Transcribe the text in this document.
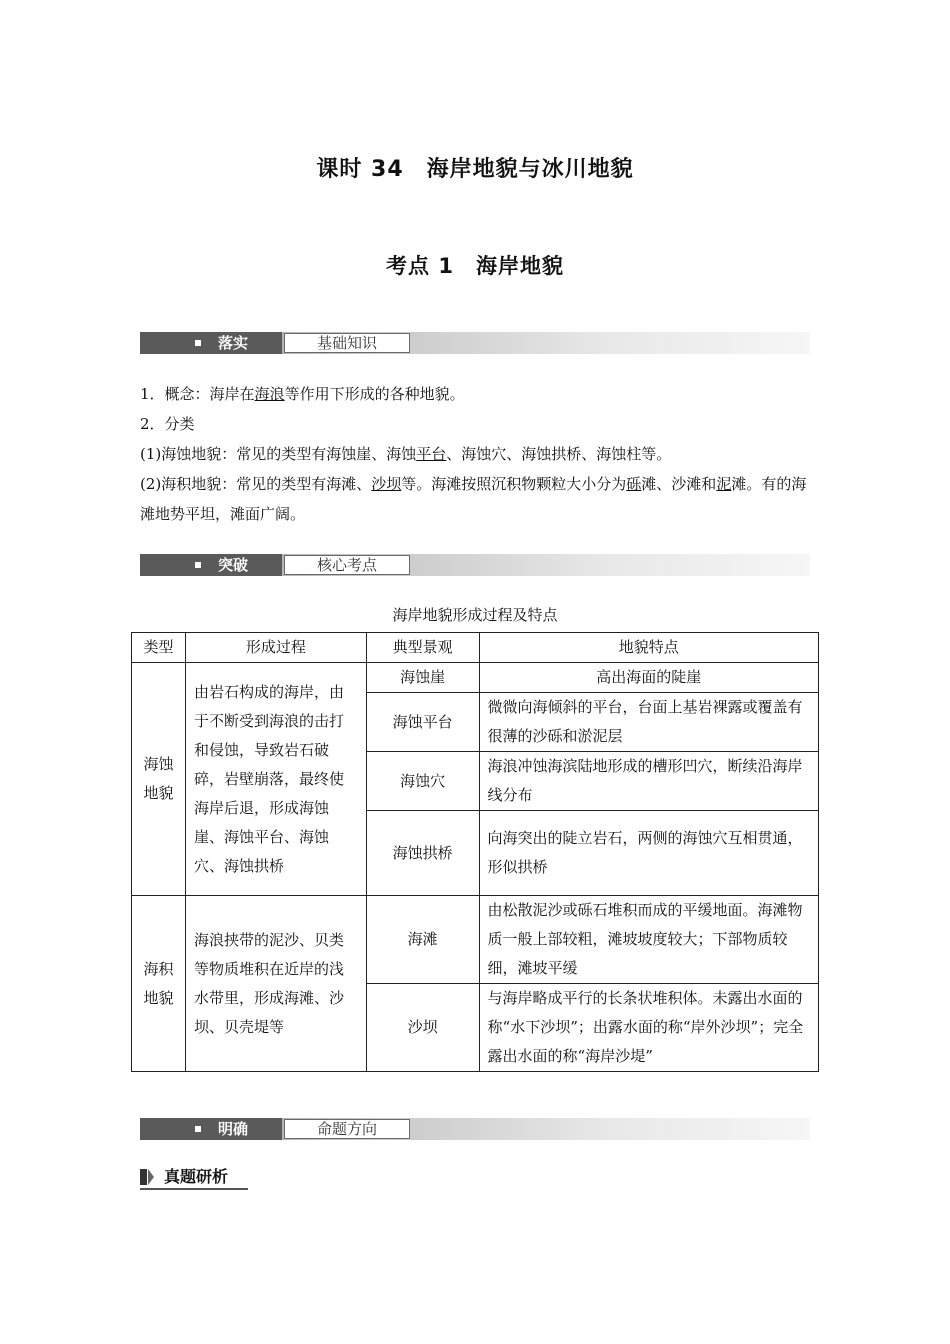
课时 34　海岸地貌与冰川地貌
考点 1　海岸地貌
落实	基础知识
1．概念：海岸在海浪等作用下形成的各种地貌。
2．分类
(1)海蚀地貌：常见的类型有海蚀崖、海蚀平台、海蚀穴、海蚀拱桥、海蚀柱等。
(2)海积地貌：常见的类型有海滩、沙坝等。海滩按照沉积物颗粒大小分为砾滩、沙滩和泥滩。有的海滩地势平坦，滩面广阔。
突破	核心考点
海岸地貌形成过程及特点
类型	形成过程	典型景观	地貌特点
海蚀地貌	由岩石构成的海岸，由于不断受到海浪的击打和侵蚀，导致岩石破碎，岩壁崩落，最终使海岸后退，形成海蚀崖、海蚀平台、海蚀穴、海蚀拱桥	海蚀崖	高出海面的陡崖
		海蚀平台	微微向海倾斜的平台，台面上基岩裸露或覆盖有很薄的沙砾和淤泥层
		海蚀穴	海浪冲蚀海滨陆地形成的槽形凹穴，断续沿海岸线分布
		海蚀拱桥	向海突出的陡立岩石，两侧的海蚀穴互相贯通，形似拱桥
海积地貌	海浪挟带的泥沙、贝类等物质堆积在近岸的浅水带里，形成海滩、沙坝、贝壳堤等	海滩	由松散泥沙或砾石堆积而成的平缓地面。海滩物质一般上部较粗，滩坡坡度较大；下部物质较细，滩坡平缓
		沙坝	与海岸略成平行的长条状堆积体。未露出水面的称“水下沙坝”；出露水面的称“岸外沙坝”；完全露出水面的称“海岸沙堤”
明确	命题方向
真题研析
